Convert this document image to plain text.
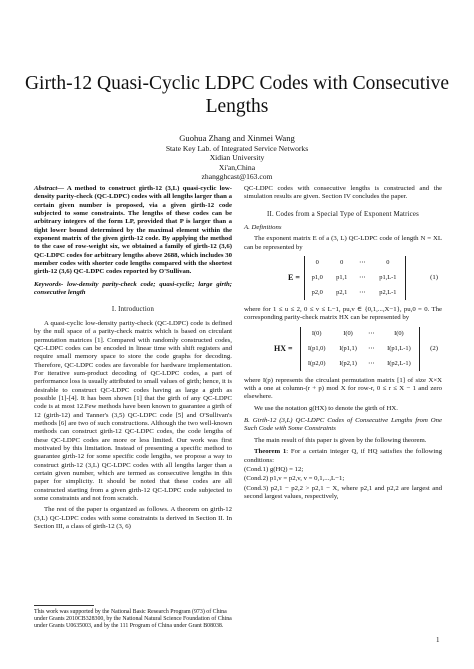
Girth-12 Quasi-Cyclic LDPC Codes with Consecutive Lengths
Guohua Zhang and Xinmei Wang
State Key Lab. of Integrated Service Networks
Xidian University
Xi'an,China
zhangghcast@163.com
Abstract— A method to construct girth-12 (3,L) quasi-cyclic low-density parity-check (QC-LDPC) codes with all lengths larger than a certain given number is proposed, via a given girth-12 code subjected to some constraints. The lengths of these codes can be arbitrary integers of the form LP, provided that P is larger than a tight lower bound determined by the maximal element within the exponent matrix of the given girth-12 code. By applying the method to the case of row-weight six, we obtained a family of girth-12 (3,6) QC-LDPC codes for arbitrary lengths above 2688, which includes 30 member codes with shorter code lengths compared with the shortest girth-12 (3,6) QC-LDPC codes reported by O'Sullivan.
Keywords- low-density parity-check code; quasi-cyclic; large girth; consecutive length
I. Introduction

A quasi-cyclic low-density parity-check (QC-LDPC) code is defined by the null space of a parity-check matrix which is based on circulant permutation matrices [1]. Compared with randomly constructed codes, QC-LDPC codes can be encoded in linear time with shift registers and require small memory space to store the code graphs for decoding. Therefore, QC-LDPC codes are favorable for hardware implementation. For iterative sum-product decoding of QC-LDPC codes, a part of performance loss is usually attributed to small values of girth; hence, it is desirable to construct QC-LDPC codes having as large a girth as possible [1]-[4]. It has been shown [1] that the girth of any QC-LDPC code is at most 12.Few methods have been known to guarantee a girth of 12 (girth-12) and Tanner's (3,5) QC-LDPC code [5] and O'Sullivan's methods [6] are two of such constructions. Although the two well-known methods can construct girth-12 QC-LDPC codes, the code lengths of these QC-LDPC codes are more or less limited. Our work was first motivated by this limitation. Instead of presenting a specific method to guarantee girth-12 for some specific code lengths, we propose a way to construct girth-12 (3,L) QC-LDPC codes with all lengths larger than a certain given number, which are termed as consecutive lengths in this paper for simplicity. It should be noted that these codes are all constructed starting from a given girth-12 QC-LDPC code subjected to some constraints and not from scratch.

The rest of the paper is organized as follows. A theorem on girth-12 (3,L) QC-LDPC codes with some constraints is derived in Section II. In Section III, a class of girth-12 (3, 6)

This work was supported by the National Basic Research Program (973) of China under Grants 2010CB328300, by the National Natural Science Foundation of China under Grants U0635003, and by the 111 Program of China under Grant B08038.

QC-LDPC codes with consecutive lengths is constructed and the simulation results are given. Section IV concludes the paper.

II. Codes from a Special Type of Exponent Matrices
A. Definitions

The exponent matrix E of a (3, L) QC-LDPC code of length N = XL can be represented by

E =
0	0	⋯	0
p1,0	p1,1	⋯	p1,L-1
p2,0	p2,1	⋯	p2,L-1
(1)

where for 1 ≤ u ≤ 2, 0 ≤ v ≤ L−1, pu,v ∈ {0,1,...,X−1}, pu,0 = 0. The corresponding parity-check matrix HX can be represented by

HX =
I(0)	I(0)	⋯	I(0)
I(p1,0)	I(p1,1)	⋯	I(p1,L-1)
I(p2,0)	I(p2,1)	⋯	I(p2,L-1)
(2)

where I(p) represents the circulant permutation matrix [1] of size X×X with a one at column-(r + p) mod X for row-r, 0 ≤ r ≤ X − 1 and zero elsewhere.

We use the notation g(HX) to denote the girth of HX.

B. Girth-12 (3,L) QC-LDPC Codes of Consecutive Lengths from One Such Code with Some Constraints

The main result of this paper is given by the following theorem.

Theorem 1: For a certain integer Q, if HQ satisfies the following conditions:

(Cond.1) g(HQ) = 12;
(Cond.2) p1,v = p2,v, v = 0,1,...,L−1;
(Cond.3) p2,1 − p2,2 > p2,1 − X, where p2,1 and p2,2 are largest and second largest values, respectively,
1
